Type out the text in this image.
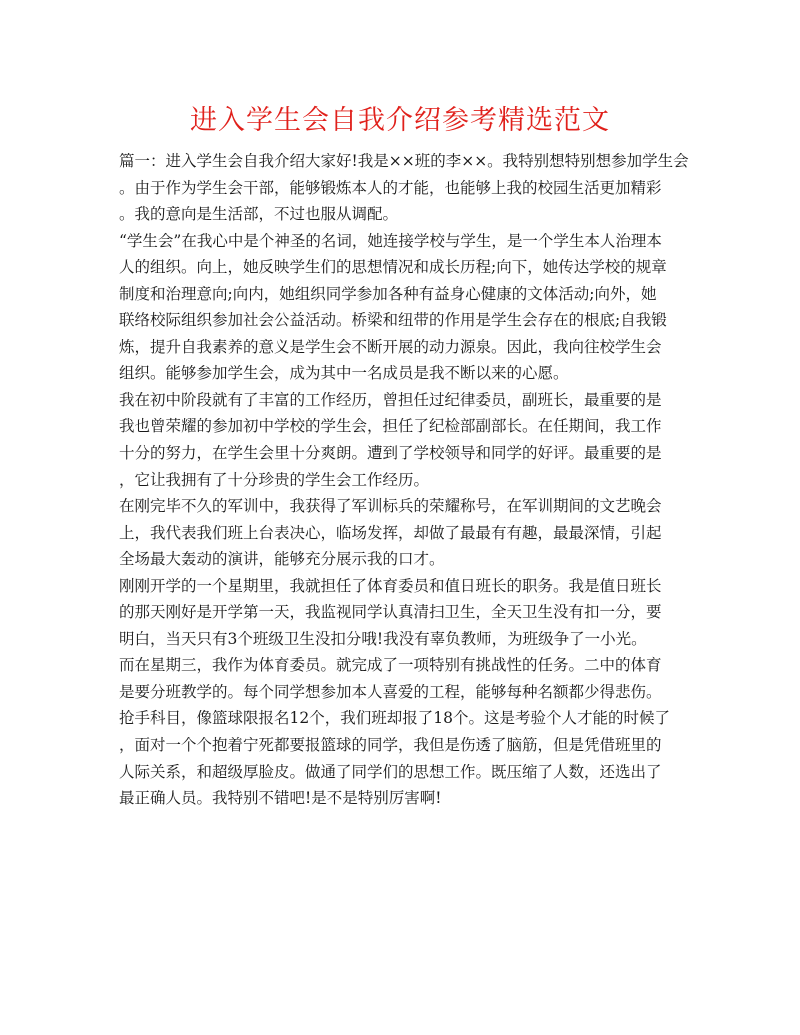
进入学生会自我介绍参考精选范文
篇一：进入学生会自我介绍大家好!我是××班的李××。我特别想特别想参加学生会
。由于作为学生会干部，能够锻炼本人的才能，也能够上我的校园生活更加精彩
。我的意向是生活部，不过也服从调配。
“学生会”在我心中是个神圣的名词，她连接学校与学生，是一个学生本人治理本
人的组织。向上，她反映学生们的思想情况和成长历程;向下，她传达学校的规章
制度和治理意向;向内，她组织同学参加各种有益身心健康的文体活动;向外，她
联络校际组织参加社会公益活动。桥梁和纽带的作用是学生会存在的根底;自我锻
炼，提升自我素养的意义是学生会不断开展的动力源泉。因此，我向往校学生会
组织。能够参加学生会，成为其中一名成员是我不断以来的心愿。
我在初中阶段就有了丰富的工作经历，曾担任过纪律委员，副班长，最重要的是
我也曾荣耀的参加初中学校的学生会，担任了纪检部副部长。在任期间，我工作
十分的努力，在学生会里十分爽朗。遭到了学校领导和同学的好评。最重要的是
，它让我拥有了十分珍贵的学生会工作经历。
在刚完毕不久的军训中，我获得了军训标兵的荣耀称号，在军训期间的文艺晚会
上，我代表我们班上台表决心，临场发挥，却做了最最有有趣，最最深情，引起
全场最大轰动的演讲，能够充分展示我的口才。
刚刚开学的一个星期里，我就担任了体育委员和值日班长的职务。我是值日班长
的那天刚好是开学第一天，我监视同学认真清扫卫生，全天卫生没有扣一分，要
明白，当天只有3个班级卫生没扣分哦!我没有辜负教师，为班级争了一小光。
而在星期三，我作为体育委员。就完成了一项特别有挑战性的任务。二中的体育
是要分班教学的。每个同学想参加本人喜爱的工程，能够每种名额都少得悲伤。
抢手科目，像篮球限报名12个，我们班却报了18个。这是考验个人才能的时候了
，面对一个个抱着宁死都要报篮球的同学，我但是伤透了脑筋，但是凭借班里的
人际关系，和超级厚脸皮。做通了同学们的思想工作。既压缩了人数，还选出了
最正确人员。我特别不错吧!是不是特别厉害啊!
